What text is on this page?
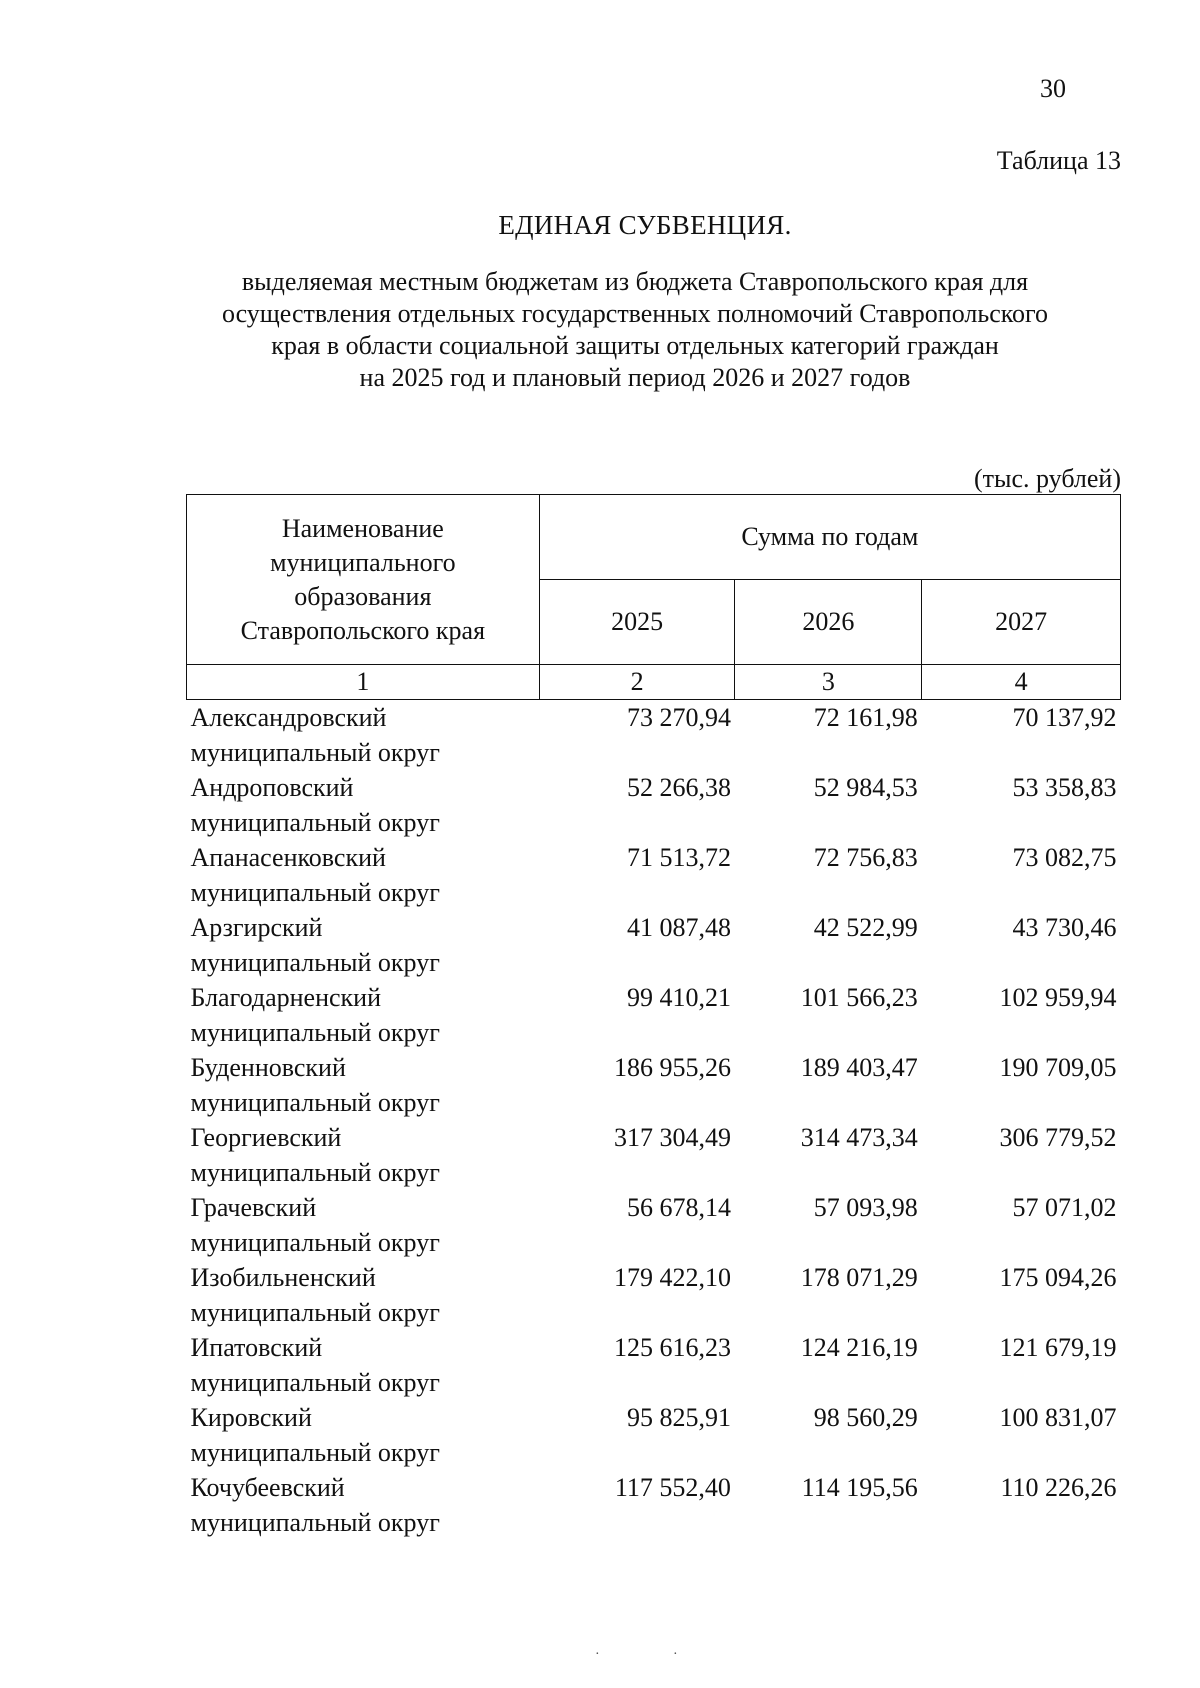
30
Таблица 13
ЕДИНАЯ СУБВЕНЦИЯ.
выделяемая местным бюджетам из бюджета Ставропольского края для
осуществления отдельных государственных полномочий Ставропольского
края в области социальной защиты отдельных категорий граждан
на 2025 год и плановый период 2026 и 2027 годов
(тыс. рублей)
Наименование
муниципального
образования
Ставропольского края	Сумма по годам		
	2025	2026	2027
1	2	3	4

Александровский
муниципальный округ	73 270,94	72 161,98	70 137,92

Андроповский
муниципальный округ	52 266,38	52 984,53	53 358,83

Апанасенковский
муниципальный округ	71 513,72	72 756,83	73 082,75

Арзгирский
муниципальный округ	41 087,48	42 522,99	43 730,46

Благодарненский
муниципальный округ	99 410,21	101 566,23	102 959,94

Буденновский
муниципальный округ	186 955,26	189 403,47	190 709,05

Георгиевский
муниципальный округ	317 304,49	314 473,34	306 779,52

Грачевский
муниципальный округ	56 678,14	57 093,98	57 071,02

Изобильненский
муниципальный округ	179 422,10	178 071,29	175 094,26

Ипатовский
муниципальный округ	125 616,23	124 216,19	121 679,19

Кировский
муниципальный округ	95 825,91	98 560,29	100 831,07

Кочубеевский
муниципальный округ	117 552,40	114 195,56	110 226,26
·	·
